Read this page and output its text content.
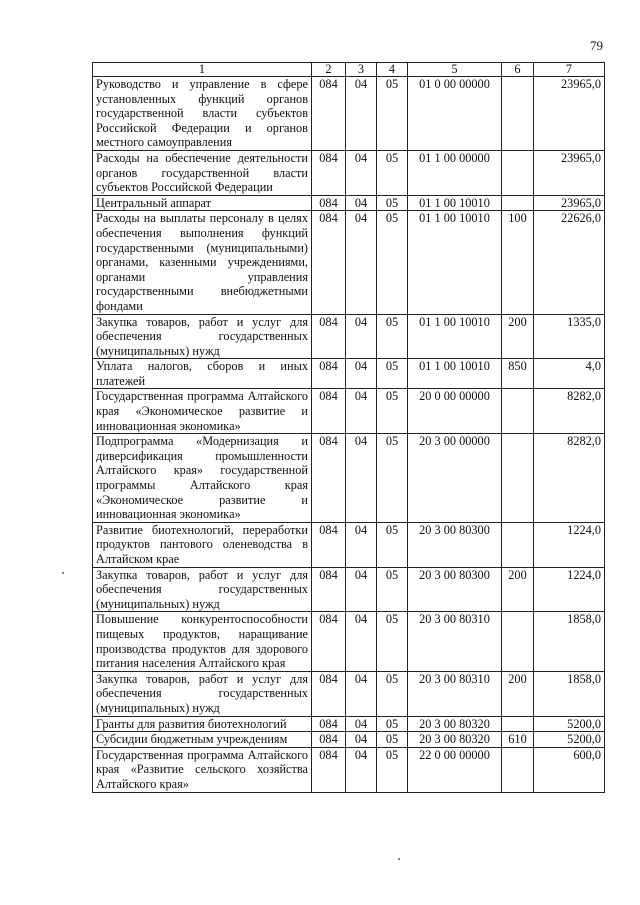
79
1	2	3	4	5	6	7
Руководство и управление в сфере установленных функций органов государственной власти субъектов Российской Федерации и органов местного самоуправления	084	04	05	01 0 00 00000		23965,0
Расходы на обеспечение деятельности органов государственной власти субъектов Российской Федерации	084	04	05	01 1 00 00000		23965,0
Центральный аппарат	084	04	05	01 1 00 10010		23965,0
Расходы на выплаты персоналу в целях обеспечения выполнения функций государственными (муниципальными) органами, казенными учреждениями, органами управления государственными внебюджетными фондами	084	04	05	01 1 00 10010	100	22626,0
Закупка товаров, работ и услуг для обеспечения государственных (муниципальных) нужд	084	04	05	01 1 00 10010	200	1335,0
Уплата налогов, сборов и иных платежей	084	04	05	01 1 00 10010	850	4,0
Государственная программа Алтайского края «Экономическое развитие и инновационная экономика»	084	04	05	20 0 00 00000		8282,0
Подпрограмма «Модернизация и диверсификация промышленности Алтайского края» государственной программы Алтайского края «Экономическое развитие и инновационная экономика»	084	04	05	20 3 00 00000		8282,0
Развитие биотехнологий, переработки продуктов пантового оленеводства в Алтайском крае	084	04	05	20 3 00 80300		1224,0
Закупка товаров, работ и услуг для обеспечения государственных (муниципальных) нужд	084	04	05	20 3 00 80300	200	1224,0
Повышение конкурентоспособности пищевых продуктов, наращивание производства продуктов для здорового питания населения Алтайского края	084	04	05	20 3 00 80310		1858,0
Закупка товаров, работ и услуг для обеспечения государственных (муниципальных) нужд	084	04	05	20 3 00 80310	200	1858,0
Гранты для развития биотехнологий	084	04	05	20 3 00 80320		5200,0
Субсидии бюджетным учреждениям	084	04	05	20 3 00 80320	610	5200,0
Государственная программа Алтайского края «Развитие сельского хозяйства Алтайского края»	084	04	05	22 0 00 00000		600,0
